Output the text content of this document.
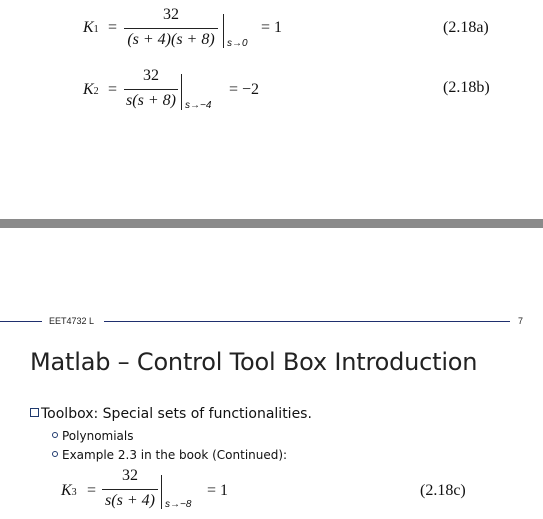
K1 =
32
(s + 4)(s + 8)	s→0
= 1	(2.18a)
K2 =
32
s(s + 8) s→−4
= −2	(2.18b)
EET4732 L	7
Matlab – Control Tool Box Introduction
Toolbox: Special sets of functionalities.
Polynomials
Example 2.3 in the book (Continued):
K3 =
32
s(s + 4)	s→−8
= 1	(2.18c)
